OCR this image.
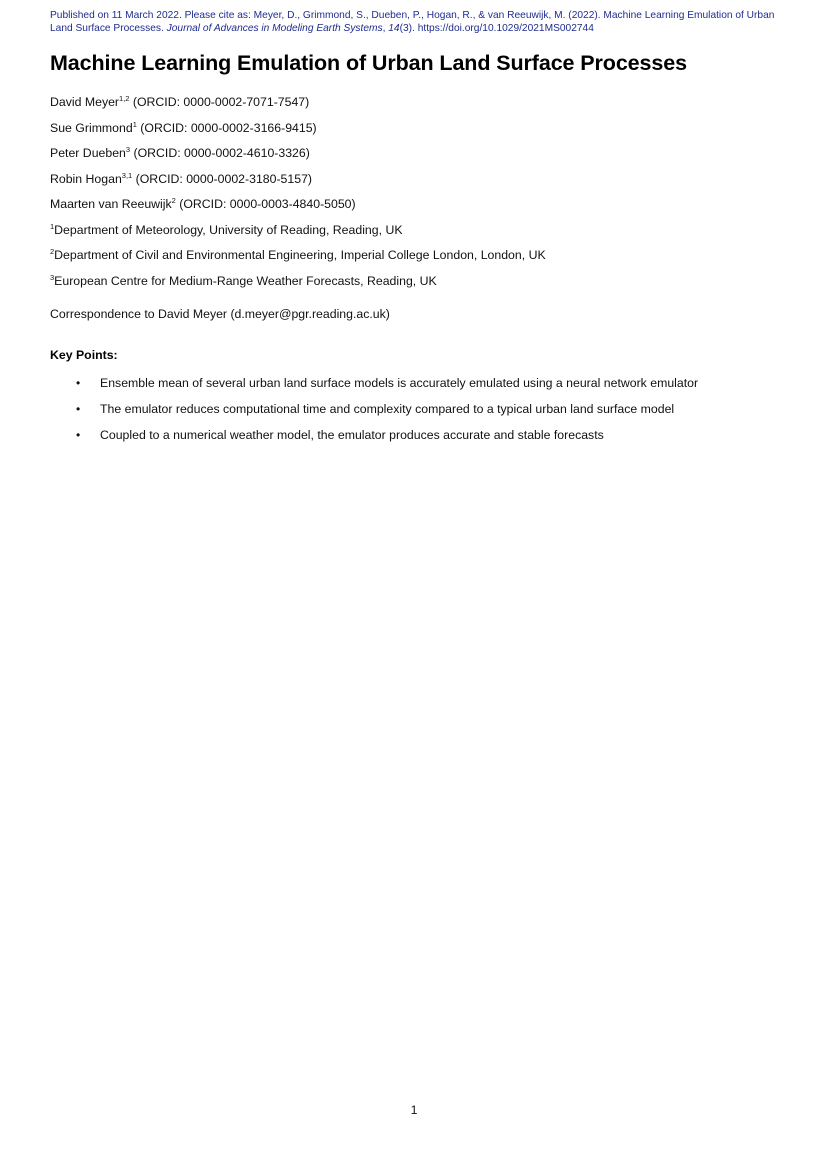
Published on 11 March 2022. Please cite as: Meyer, D., Grimmond, S., Dueben, P., Hogan, R., & van Reeuwijk, M. (2022). Machine Learning Emulation of Urban Land Surface Processes. Journal of Advances in Modeling Earth Systems, 14(3). https://doi.org/10.1029/2021MS002744
Machine Learning Emulation of Urban Land Surface Processes
David Meyer$^{1,2}$ (ORCID: 0000-0002-7071-7547)
Sue Grimmond$^1$ (ORCID: 0000-0002-3166-9415)
Peter Dueben$^3$ (ORCID: 0000-0002-4610-3326)
Robin Hogan$^{3,1}$ (ORCID: 0000-0002-3180-5157)
Maarten van Reeuwijk$^2$ (ORCID: 0000-0003-4840-5050)
$^1$Department of Meteorology, University of Reading, Reading, UK
$^2$Department of Civil and Environmental Engineering, Imperial College London, London, UK
$^3$European Centre for Medium-Range Weather Forecasts, Reading, UK
Correspondence to David Meyer (d.meyer@pgr.reading.ac.uk)
Key Points:
• Ensemble mean of several urban land surface models is accurately emulated using a neural network emulator
• The emulator reduces computational time and complexity compared to a typical urban land surface model
• Coupled to a numerical weather model, the emulator produces accurate and stable forecasts
1
